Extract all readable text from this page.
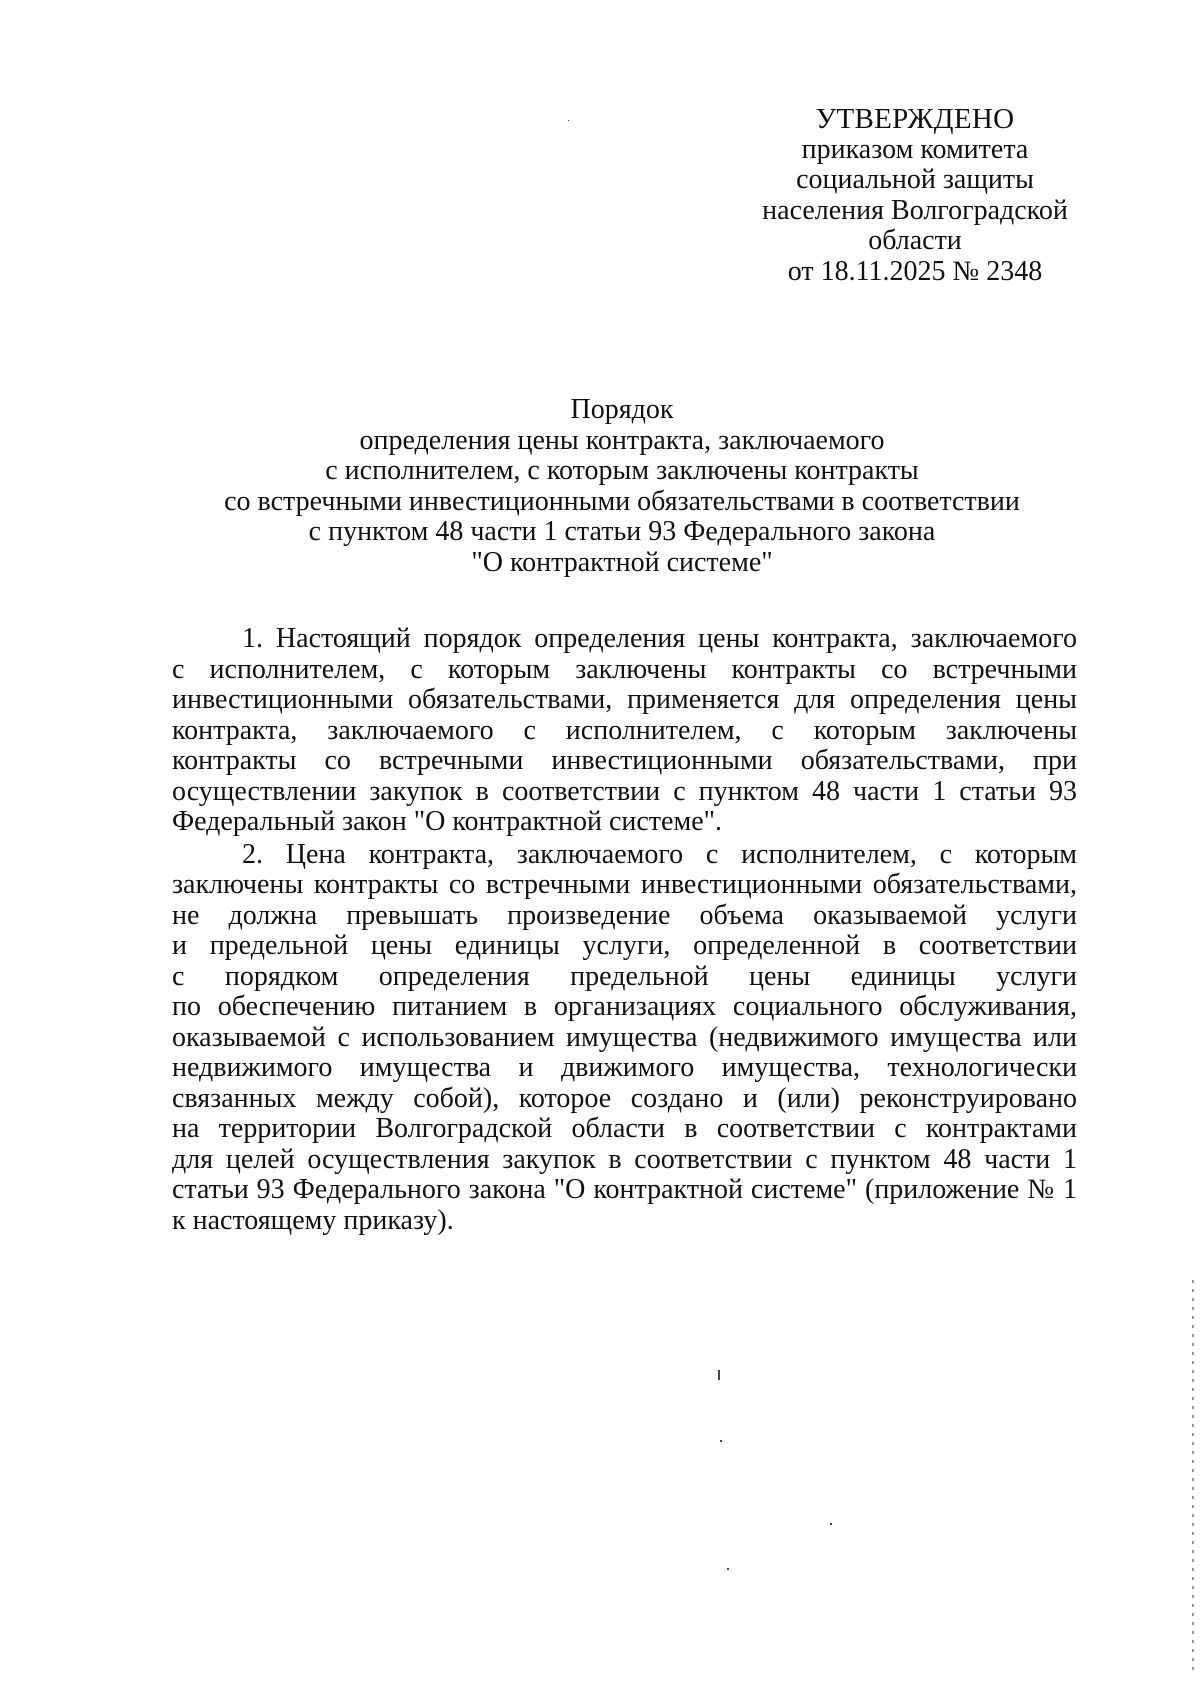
УТВЕРЖДЕНО
приказом комитета
социальной защиты
населения Волгоградской
области
от 18.11.2025 № 2348
Порядок
определения цены контракта, заключаемого
с исполнителем, с которым заключены контракты
со встречными инвестиционными обязательствами в соответствии
с пунктом 48 части 1 статьи 93 Федерального закона
"О контрактной системе"
1. Настоящий порядок определения цены контракта, заключаемого
с исполнителем, с которым заключены контракты со встречными
инвестиционными обязательствами, применяется для определения цены
контракта, заключаемого с исполнителем, с которым заключены
контракты со встречными инвестиционными обязательствами, при
осуществлении закупок в соответствии с пунктом 48 части 1 статьи 93
Федеральный закон "О контрактной системе".
2. Цена контракта, заключаемого с исполнителем, с которым
заключены контракты со встречными инвестиционными обязательствами,
не должна превышать произведение объема оказываемой услуги
и предельной цены единицы услуги, определенной в соответствии
с порядком определения предельной цены единицы услуги
по обеспечению питанием в организациях социального обслуживания,
оказываемой с использованием имущества (недвижимого имущества или
недвижимого имущества и движимого имущества, технологически
связанных между собой), которое создано и (или) реконструировано
на территории Волгоградской области в соответствии с контрактами
для целей осуществления закупок в соответствии с пунктом 48 части 1
статьи 93 Федерального закона "О контрактной системе" (приложение № 1
к настоящему приказу).
